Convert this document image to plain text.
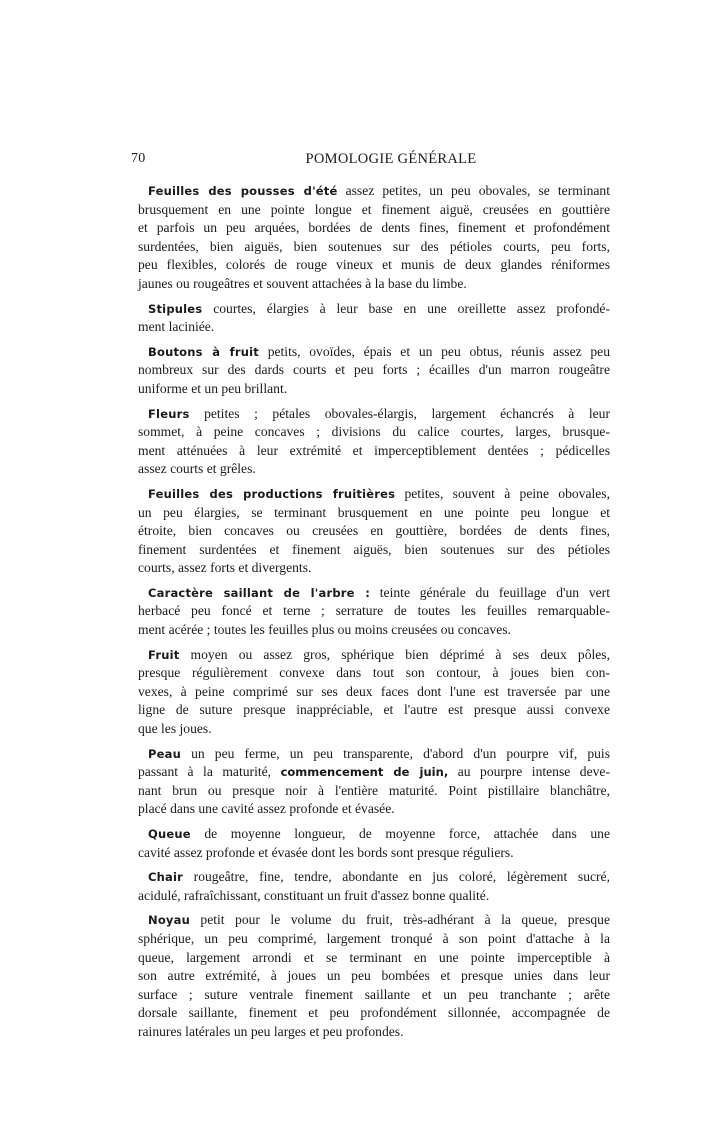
70	POMOLOGIE GÉNÉRALE
Feuilles des pousses d'été assez petites, un peu obovales, se terminant
brusquement en une pointe longue et finement aiguë, creusées en gouttière
et parfois un peu arquées, bordées de dents fines, finement et profondément
surdentées, bien aiguës, bien soutenues sur des pétioles courts, peu forts,
peu flexibles, colorés de rouge vineux et munis de deux glandes réniformes
jaunes ou rougeâtres et souvent attachées à la base du limbe.
Stipules courtes, élargies à leur base en une oreillette assez profondé-
ment laciniée.
Boutons à fruit petits, ovoïdes, épais et un peu obtus, réunis assez peu
nombreux sur des dards courts et peu forts ; écailles d'un marron rougeâtre
uniforme et un peu brillant.
Fleurs petites ; pétales obovales-élargis, largement échancrés à leur
sommet, à peine concaves ; divisions du calice courtes, larges, brusque-
ment atténuées à leur extrémité et imperceptiblement dentées ; pédicelles
assez courts et grêles.
Feuilles des productions fruitières petites, souvent à peine obovales,
un peu élargies, se terminant brusquement en une pointe peu longue et
étroite, bien concaves ou creusées en gouttière, bordées de dents fines,
finement surdentées et finement aiguës, bien soutenues sur des pétioles
courts, assez forts et divergents.
Caractère saillant de l'arbre : teinte générale du feuillage d'un vert
herbacé peu foncé et terne ; serrature de toutes les feuilles remarquable-
ment acérée ; toutes les feuilles plus ou moins creusées ou concaves.
Fruit moyen ou assez gros, sphérique bien déprimé à ses deux pôles,
presque régulièrement convexe dans tout son contour, à joues bien con-
vexes, à peine comprimé sur ses deux faces dont l'une est traversée par une
ligne de suture presque inappréciable, et l'autre est presque aussi convexe
que les joues.
Peau un peu ferme, un peu transparente, d'abord d'un pourpre vif, puis
passant à la maturité, commencement de juin, au pourpre intense deve-
nant brun ou presque noir à l'entière maturité. Point pistillaire blanchâtre,
placé dans une cavité assez profonde et évasée.
Queue de moyenne longueur, de moyenne force, attachée dans une
cavité assez profonde et évasée dont les bords sont presque réguliers.
Chair rougeâtre, fine, tendre, abondante en jus coloré, légèrement sucré,
acidulé, rafraîchissant, constituant un fruit d'assez bonne qualité.
Noyau petit pour le volume du fruit, très-adhérant à la queue, presque
sphérique, un peu comprimé, largement tronqué à son point d'attache à la
queue, largement arrondi et se terminant en une pointe imperceptible à
son autre extrémité, à joues un peu bombées et presque unies dans leur
surface ; suture ventrale finement saillante et un peu tranchante ; arête
dorsale saillante, finement et peu profondément sillonnée, accompagnée de
rainures latérales un peu larges et peu profondes.
